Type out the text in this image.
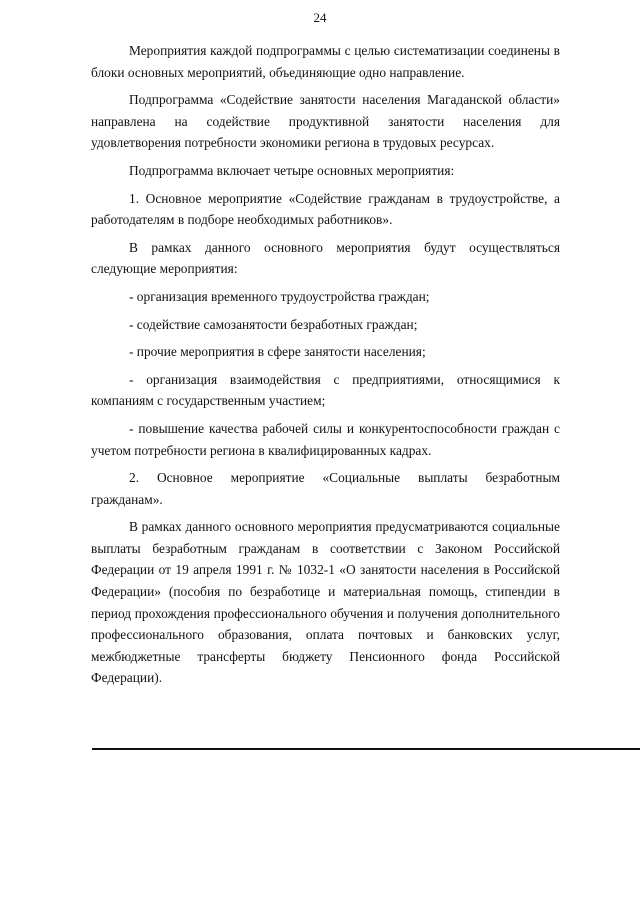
24

Мероприятия каждой подпрограммы с целью систематизации соединены в блоки основных мероприятий, объединяющие одно направление.

Подпрограмма «Содействие занятости населения Магаданской области» направлена на содействие продуктивной занятости населения для удовлетворения потребности экономики региона в трудовых ресурсах.

Подпрограмма включает четыре основных мероприятия:

1. Основное мероприятие «Содействие гражданам в трудоустройстве, а работодателям в подборе необходимых работников».

В рамках данного основного мероприятия будут осуществляться следующие мероприятия:

- организация временного трудоустройства граждан;

- содействие самозанятости безработных граждан;

- прочие мероприятия в сфере занятости населения;

- организация взаимодействия с предприятиями, относящимися к компаниям с государственным участием;

- повышение качества рабочей силы и конкурентоспособности граждан с учетом потребности региона в квалифицированных кадрах.

2. Основное мероприятие «Социальные выплаты безработным гражданам».

В рамках данного основного мероприятия предусматриваются социальные выплаты безработным гражданам в соответствии с Законом Российской Федерации от 19 апреля 1991 г. № 1032-1 «О занятости населения в Российской Федерации» (пособия по безработице и материальная помощь, стипендии в период прохождения профессионального обучения и получения дополнительного профессионального образования, оплата почтовых и банковских услуг, межбюджетные трансферты бюджету Пенсионного фонда Российской Федерации).
